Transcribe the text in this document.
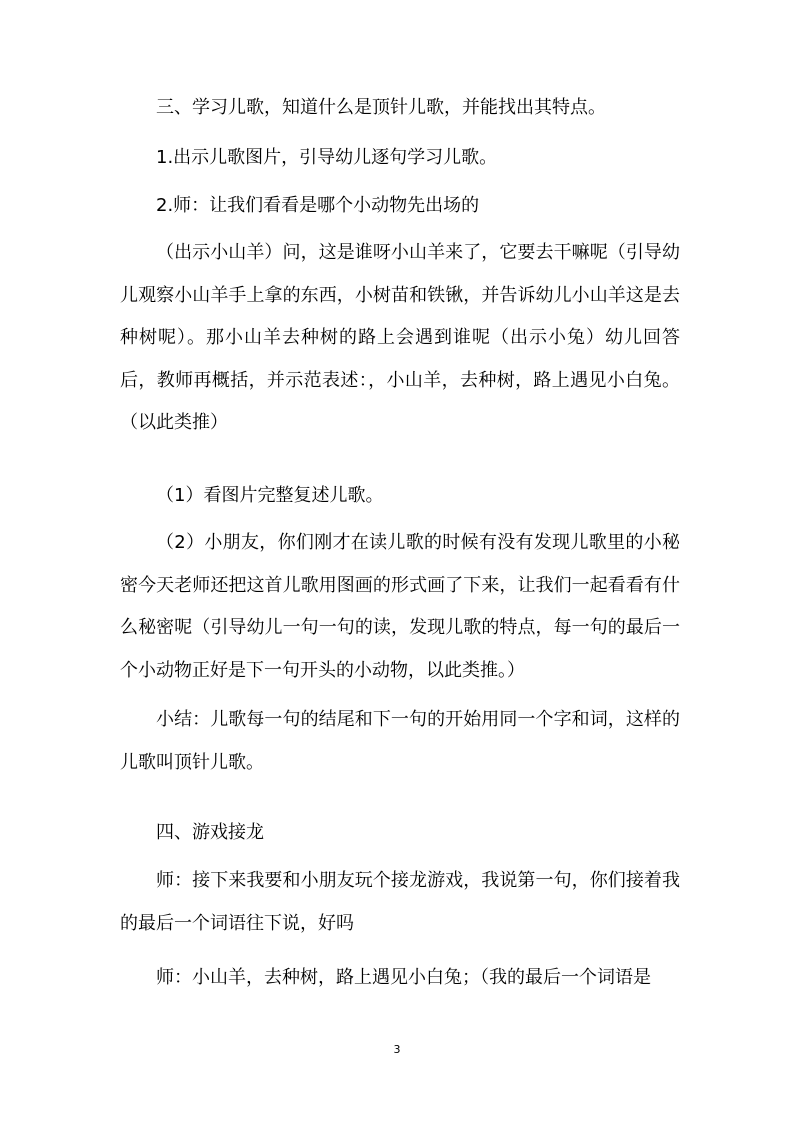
三、学习儿歌，知道什么是顶针儿歌，并能找出其特点。

1.出示儿歌图片，引导幼儿逐句学习儿歌。

2.师：让我们看看是哪个小动物先出场的

（出示小山羊）问，这是谁呀小山羊来了，它要去干嘛呢（引导幼儿观察小山羊手上拿的东西，小树苗和铁锹，并告诉幼儿小山羊这是去种树呢）。那小山羊去种树的路上会遇到谁呢（出示小兔）幼儿回答后，教师再概括，并示范表述：，小山羊，去种树，路上遇见小白兔。（以此类推）

（1）看图片完整复述儿歌。

（2）小朋友，你们刚才在读儿歌的时候有没有发现儿歌里的小秘密今天老师还把这首儿歌用图画的形式画了下来，让我们一起看看有什么秘密呢（引导幼儿一句一句的读，发现儿歌的特点，每一句的最后一个小动物正好是下一句开头的小动物，以此类推。）

小结：儿歌每一句的结尾和下一句的开始用同一个字和词，这样的儿歌叫顶针儿歌。

四、游戏接龙

师：接下来我要和小朋友玩个接龙游戏，我说第一句，你们接着我的最后一个词语往下说，好吗

师：小山羊，去种树，路上遇见小白兔；（我的最后一个词语是

3
